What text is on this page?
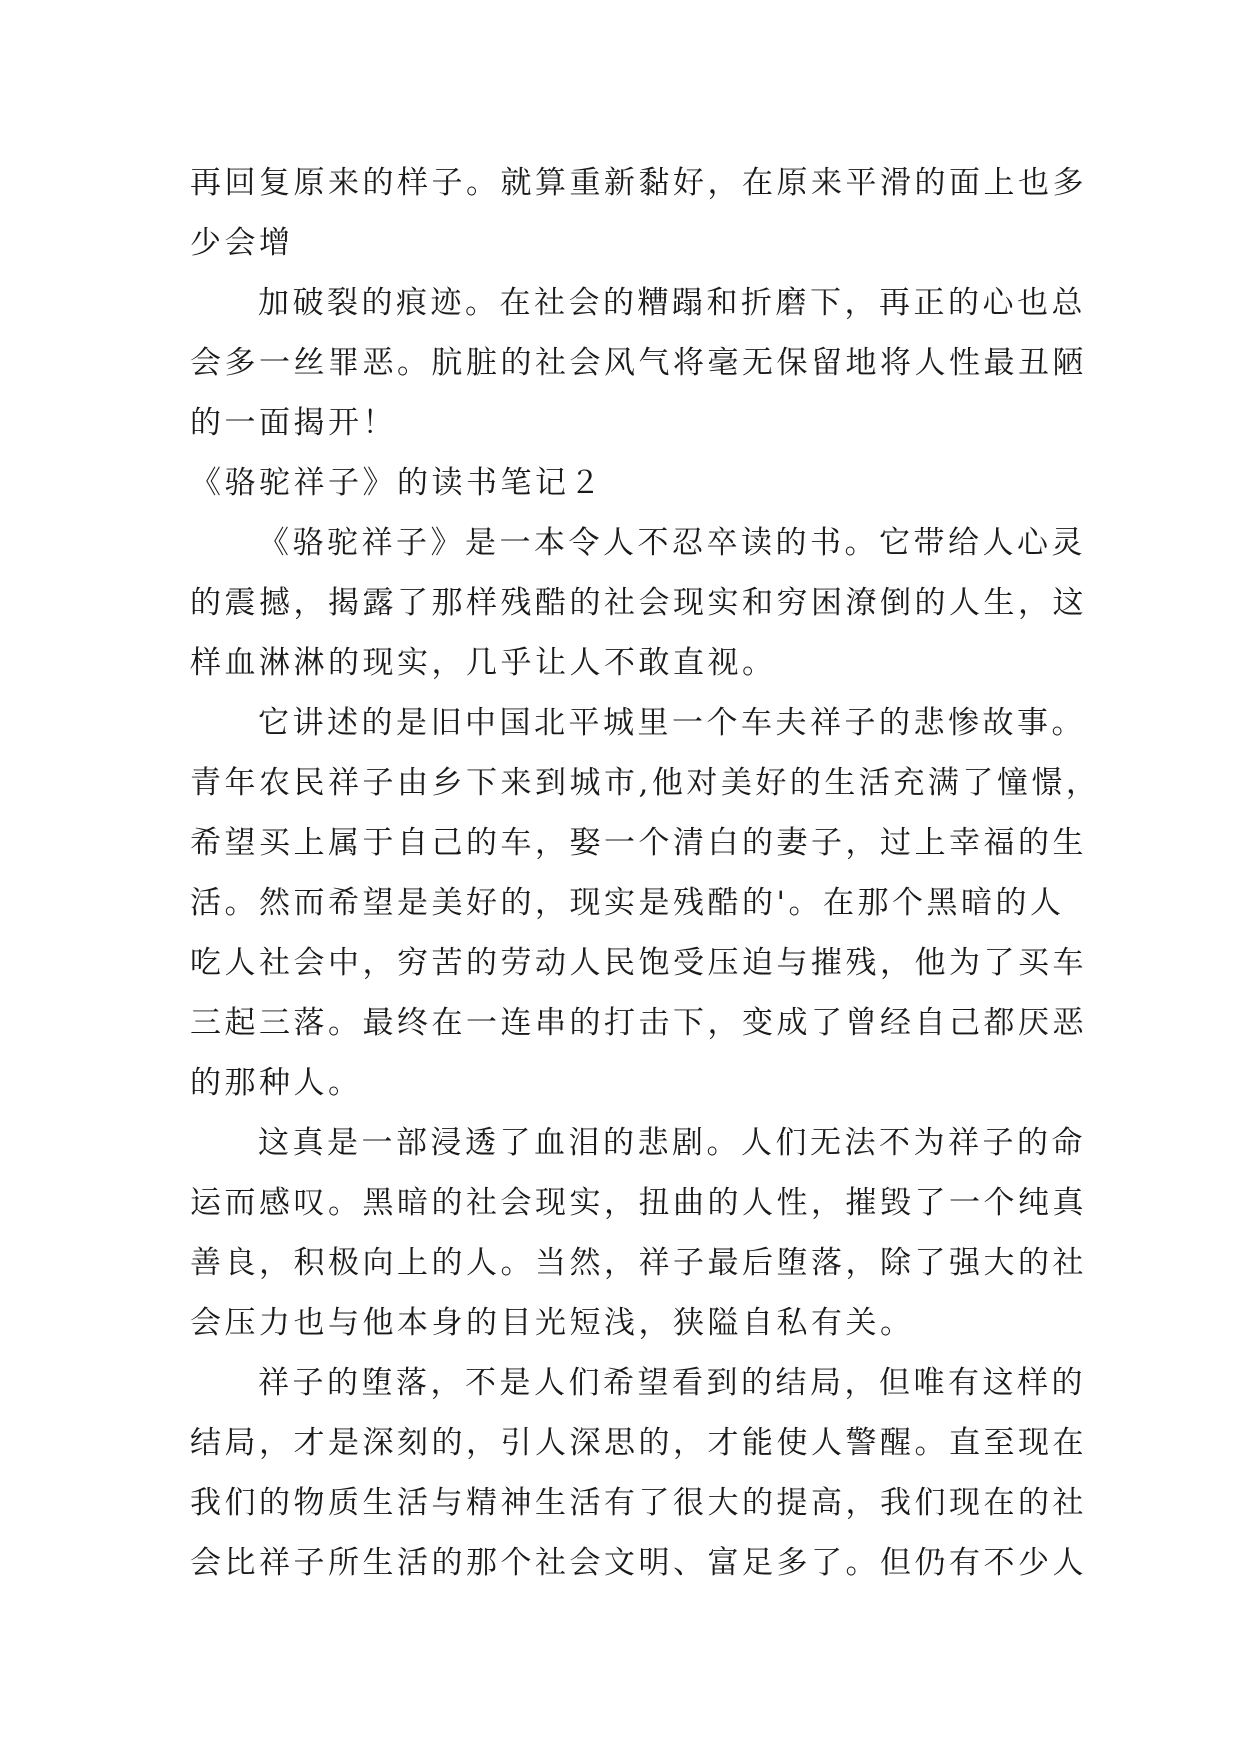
再回复原来的样子。就算重新黏好，在原来平滑的面上也多

少会增

加破裂的痕迹。在社会的糟蹋和折磨下，再正的心也总

会多一丝罪恶。肮脏的社会风气将毫无保留地将人性最丑陋

的一面揭开！

《骆驼祥子》的读书笔记２

《骆驼祥子》是一本令人不忍卒读的书。它带给人心灵

的震撼，揭露了那样残酷的社会现实和穷困潦倒的人生，这

样血淋淋的现实，几乎让人不敢直视。

它讲述的是旧中国北平城里一个车夫祥子的悲惨故事。

青年农民祥子由乡下来到城市,他对美好的生活充满了憧憬，

希望买上属于自己的车，娶一个清白的妻子，过上幸福的生

活。然而希望是美好的，现实是残酷的'。在那个黑暗的人

吃人社会中，穷苦的劳动人民饱受压迫与摧残，他为了买车

三起三落。最终在一连串的打击下，变成了曾经自己都厌恶

的那种人。

这真是一部浸透了血泪的悲剧。人们无法不为祥子的命

运而感叹。黑暗的社会现实，扭曲的人性，摧毁了一个纯真

善良，积极向上的人。当然，祥子最后堕落，除了强大的社

会压力也与他本身的目光短浅，狭隘自私有关。

祥子的堕落，不是人们希望看到的结局，但唯有这样的

结局，才是深刻的，引人深思的，才能使人警醒。直至现在

我们的物质生活与精神生活有了很大的提高，我们现在的社

会比祥子所生活的那个社会文明、富足多了。但仍有不少人
